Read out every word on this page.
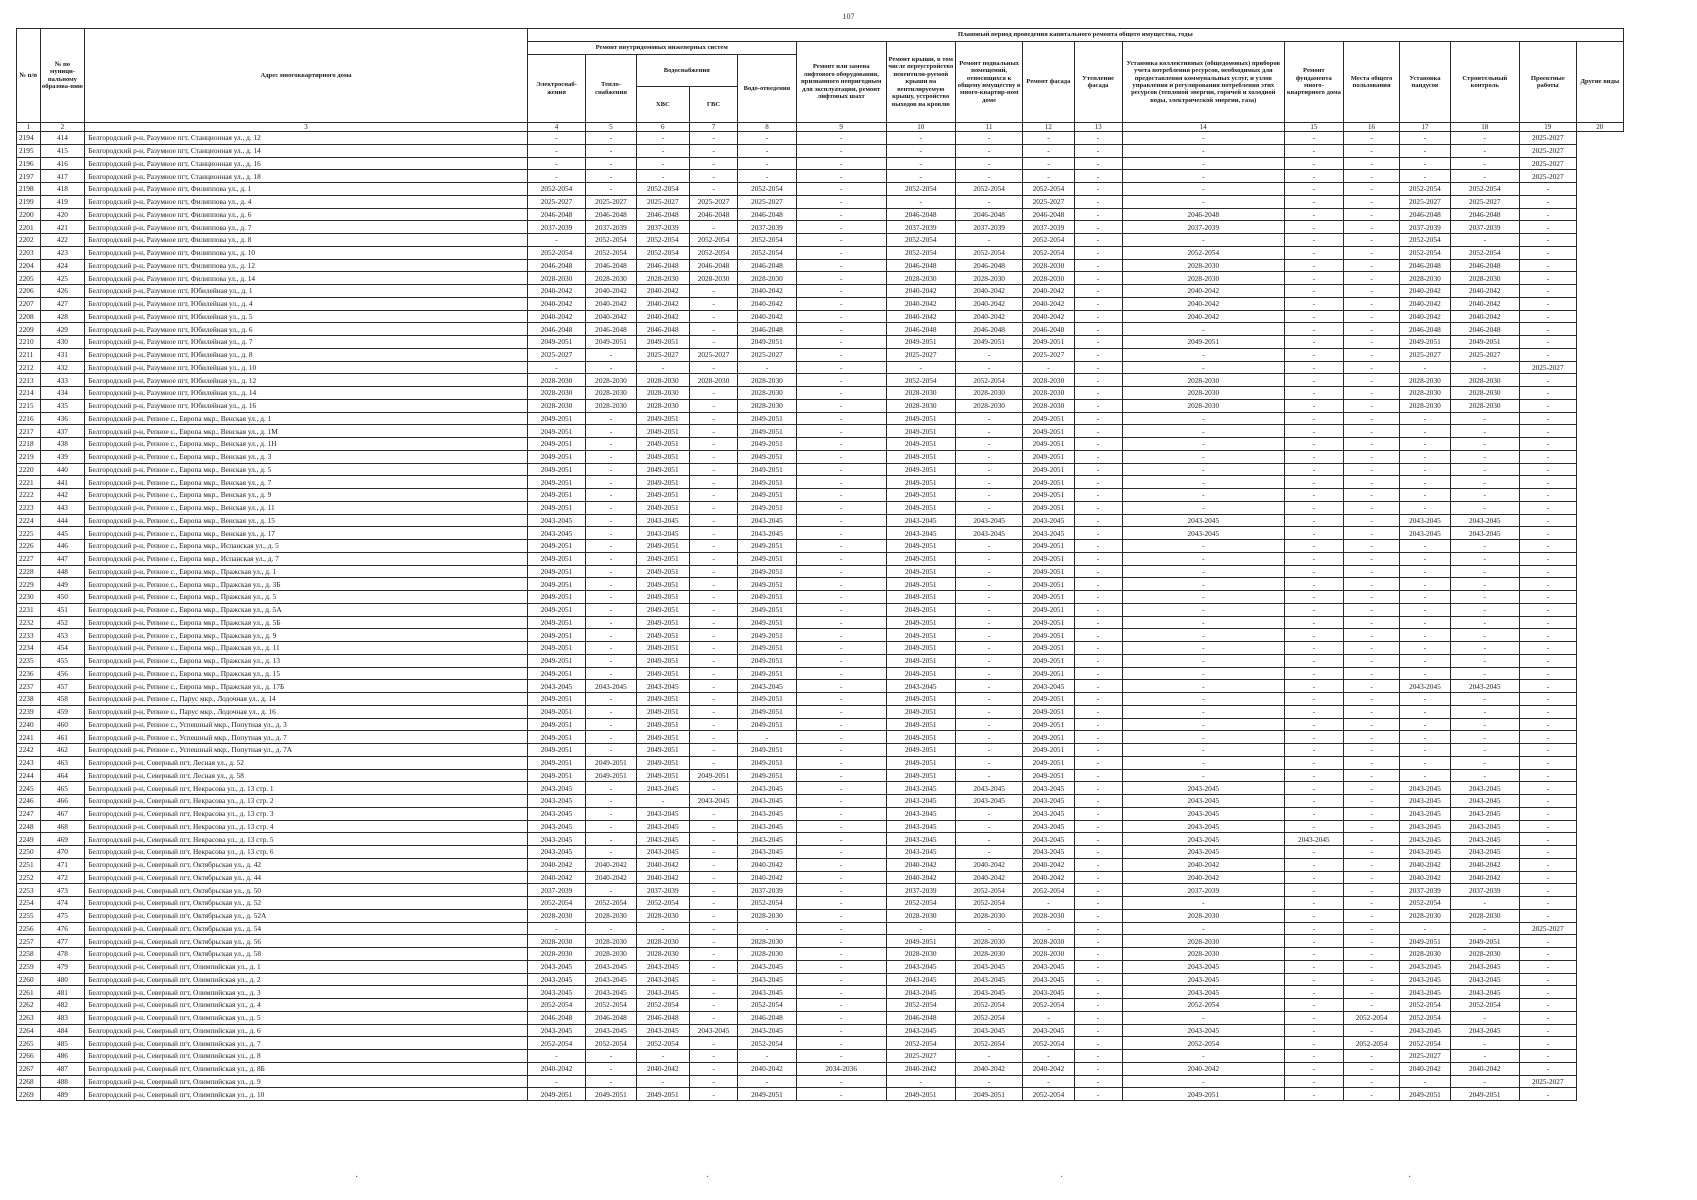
107
№ п/п	№ по муници-пальному образова-нию	Адрес многоквартирного дома	Плановый период проведения капитального ремонта общего имущества, годы																
			Ремонт внутридомовых инженерных систем					Ремонт или замена лифтового оборудования, признанного непригодным для эксплуатации, ремонт лифтовых шахт	Ремонт крыши, в том числе переустройство невентили-руемой крыши на вентилируемую крышу, устройство выходов на кровлю	Ремонт подвальных помещений, относящихся к общему имуществу в много-квартир-ном доме	Ремонт фасада	Утепление фасада	Установка коллективных (общедомовых) приборов учета потребления ресурсов, необходимых для предоставления коммунальных услуг, и узлов управления и регулирования потребления этих ресурсов (тепловой энергии, горячей и холодной воды, электрической энергии, газа)	Ремонт фундамента много-квартирного дома	Места общего пользования	Установка пандусов	Строительный контроль	Проектные работы	Другие виды
			Электроснаб-жения	Тепло-снабжения	Водоснабжения		Водо-отведения												
					ХВС	ГВС													
1	2	3	4	5	6	7	8	9	10	11	12	13	14	15	16	17	18	19	20
2194	414	Белгородский р-н, Разумное пгт, Станционная ул., д. 12	-	-	-	-	-	-	-	-	-	-	-	-	-	-	-	2025-2027	
2195	415	Белгородский р-н, Разумное пгт, Станционная ул., д. 14	-	-	-	-	-	-	-	-	-	-	-	-	-	-	-	2025-2027	
2196	416	Белгородский р-н, Разумное пгт, Станционная ул., д. 16	-	-	-	-	-	-	-	-	-	-	-	-	-	-	-	2025-2027	
2197	417	Белгородский р-н, Разумное пгт, Станционная ул., д. 18	-	-	-	-	-	-	-	-	-	-	-	-	-	-	-	2025-2027	
2198	418	Белгородский р-н, Разумное пгт, Филиппова ул., д. 1	2052-2054	-	2052-2054	-	2052-2054	-	2052-2054	2052-2054	2052-2054	-	-	-	-	2052-2054	2052-2054	-	
2199	419	Белгородский р-н, Разумное пгт, Филиппова ул., д. 4	2025-2027	2025-2027	2025-2027	2025-2027	2025-2027	-	-	-	2025-2027	-	-	-	-	2025-2027	2025-2027	-	
2200	420	Белгородский р-н, Разумное пгт, Филиппова ул., д. 6	2046-2048	2046-2048	2046-2048	2046-2048	2046-2048	-	2046-2048	2046-2048	2046-2048	-	2046-2048	-	-	2046-2048	2046-2048	-	
2201	421	Белгородский р-н, Разумное пгт, Филиппова ул., д. 7	2037-2039	2037-2039	2037-2039	-	2037-2039	-	2037-2039	2037-2039	2037-2039	-	2037-2039	-	-	2037-2039	2037-2039	-	
2202	422	Белгородский р-н, Разумное пгт, Филиппова ул., д. 8	-	2052-2054	2052-2054	2052-2054	2052-2054	-	2052-2054	-	2052-2054	-	-	-	-	2052-2054	-	-	
2203	423	Белгородский р-н, Разумное пгт, Филиппова ул., д. 10	2052-2054	2052-2054	2052-2054	2052-2054	2052-2054	-	2052-2054	2052-2054	2052-2054	-	2052-2054	-	-	2052-2054	2052-2054	-	
2204	424	Белгородский р-н, Разумное пгт, Филиппова ул., д. 12	2046-2048	2046-2048	2046-2048	2046-2048	2046-2048	-	2046-2048	2046-2048	2028-2030	-	2028-2030	-	-	2046-2048	2046-2048	-	
2205	425	Белгородский р-н, Разумное пгт, Филиппова ул., д. 14	2028-2030	2028-2030	2028-2030	2028-2030	2028-2030	-	2028-2030	2028-2030	2028-2030	-	2028-2030	-	-	2028-2030	2028-2030	-	
2206	426	Белгородский р-н, Разумное пгт, Юбилейная ул., д. 1	2040-2042	2040-2042	2040-2042	-	2040-2042	-	2040-2042	2040-2042	2040-2042	-	2040-2042	-	-	2040-2042	2040-2042	-	
2207	427	Белгородский р-н, Разумное пгт, Юбилейная ул., д. 4	2040-2042	2040-2042	2040-2042	-	2040-2042	-	2040-2042	2040-2042	2040-2042	-	2040-2042	-	-	2040-2042	2040-2042	-	
2208	428	Белгородский р-н, Разумное пгт, Юбилейная ул., д. 5	2040-2042	2040-2042	2040-2042	-	2040-2042	-	2040-2042	2040-2042	2040-2042	-	2040-2042	-	-	2040-2042	2040-2042	-	
2209	429	Белгородский р-н, Разумное пгт, Юбилейная ул., д. 6	2046-2048	2046-2048	2046-2048	-	2046-2048	-	2046-2048	2046-2048	2046-2048	-	-	-	-	2046-2048	2046-2048	-	
2210	430	Белгородский р-н, Разумное пгт, Юбилейная ул., д. 7	2049-2051	2049-2051	2049-2051	-	2049-2051	-	2049-2051	2049-2051	2049-2051	-	2049-2051	-	-	2049-2051	2049-2051	-	
2211	431	Белгородский р-н, Разумное пгт, Юбилейная ул., д. 8	2025-2027	-	2025-2027	2025-2027	2025-2027	-	2025-2027	-	2025-2027	-	-	-	-	2025-2027	2025-2027	-	
2212	432	Белгородский р-н, Разумное пгт, Юбилейная ул., д. 10	-	-	-	-	-	-	-	-	-	-	-	-	-	-	-	2025-2027	
2213	433	Белгородский р-н, Разумное пгт, Юбилейная ул., д. 12	2028-2030	2028-2030	2028-2030	2028-2030	2028-2030	-	2052-2054	2052-2054	2028-2030	-	2028-2030	-	-	2028-2030	2028-2030	-	
2214	434	Белгородский р-н, Разумное пгт, Юбилейная ул., д. 14	2028-2030	2028-2030	2028-2030	-	2028-2030	-	2028-2030	2028-2030	2028-2030	-	2028-2030	-	-	2028-2030	2028-2030	-	
2215	435	Белгородский р-н, Разумное пгт, Юбилейная ул., д. 16	2028-2030	2028-2030	2028-2030	-	2028-2030	-	2028-2030	2028-2030	2028-2030	-	2028-2030	-	-	2028-2030	2028-2030	-	
2216	436	Белгородский р-н, Репное с., Европа мкр., Венская ул., д. 1	2049-2051	-	2049-2051	-	2049-2051	-	2049-2051	-	2049-2051	-	-	-	-	-	-	-	
2217	437	Белгородский р-н, Репное с., Европа мкр., Венская ул., д. 1М	2049-2051	-	2049-2051	-	2049-2051	-	2049-2051	-	2049-2051	-	-	-	-	-	-	-	
2218	438	Белгородский р-н, Репное с., Европа мкр., Венская ул., д. 1Н	2049-2051	-	2049-2051	-	2049-2051	-	2049-2051	-	2049-2051	-	-	-	-	-	-	-	
2219	439	Белгородский р-н, Репное с., Европа мкр., Венская ул., д. 3	2049-2051	-	2049-2051	-	2049-2051	-	2049-2051	-	2049-2051	-	-	-	-	-	-	-	
2220	440	Белгородский р-н, Репное с., Европа мкр., Венская ул., д. 5	2049-2051	-	2049-2051	-	2049-2051	-	2049-2051	-	2049-2051	-	-	-	-	-	-	-	
2221	441	Белгородский р-н, Репное с., Европа мкр., Венская ул., д. 7	2049-2051	-	2049-2051	-	2049-2051	-	2049-2051	-	2049-2051	-	-	-	-	-	-	-	
2222	442	Белгородский р-н, Репное с., Европа мкр., Венская ул., д. 9	2049-2051	-	2049-2051	-	2049-2051	-	2049-2051	-	2049-2051	-	-	-	-	-	-	-	
2223	443	Белгородский р-н, Репное с., Европа мкр., Венская ул., д. 11	2049-2051	-	2049-2051	-	2049-2051	-	2049-2051	-	2049-2051	-	-	-	-	-	-	-	
2224	444	Белгородский р-н, Репное с., Европа мкр., Венская ул., д. 15	2043-2045	-	2043-2045	-	2043-2045	-	2043-2045	2043-2045	2043-2045	-	2043-2045	-	-	2043-2045	2043-2045	-	
2225	445	Белгородский р-н, Репное с., Европа мкр., Венская ул., д. 17	2043-2045	-	2043-2045	-	2043-2045	-	2043-2045	2043-2045	2043-2045	-	2043-2045	-	-	2043-2045	2043-2045	-	
2226	446	Белгородский р-н, Репное с., Европа мкр., Испанская ул., д. 5	2049-2051	-	2049-2051	-	2049-2051	-	2049-2051	-	2049-2051	-	-	-	-	-	-	-	
2227	447	Белгородский р-н, Репное с., Европа мкр., Испанская ул., д. 7	2049-2051	-	2049-2051	-	2049-2051	-	2049-2051	-	2049-2051	-	-	-	-	-	-	-	
2228	448	Белгородский р-н, Репное с., Европа мкр., Пражская ул., д. 1	2049-2051	-	2049-2051	-	2049-2051	-	2049-2051	-	2049-2051	-	-	-	-	-	-	-	
2229	449	Белгородский р-н, Репное с., Европа мкр., Пражская ул., д. 3Б	2049-2051	-	2049-2051	-	2049-2051	-	2049-2051	-	2049-2051	-	-	-	-	-	-	-	
2230	450	Белгородский р-н, Репное с., Европа мкр., Пражская ул., д. 5	2049-2051	-	2049-2051	-	2049-2051	-	2049-2051	-	2049-2051	-	-	-	-	-	-	-	
2231	451	Белгородский р-н, Репное с., Европа мкр., Пражская ул., д. 5А	2049-2051	-	2049-2051	-	2049-2051	-	2049-2051	-	2049-2051	-	-	-	-	-	-	-	
2232	452	Белгородский р-н, Репное с., Европа мкр., Пражская ул., д. 5Б	2049-2051	-	2049-2051	-	2049-2051	-	2049-2051	-	2049-2051	-	-	-	-	-	-	-	
2233	453	Белгородский р-н, Репное с., Европа мкр., Пражская ул., д. 9	2049-2051	-	2049-2051	-	2049-2051	-	2049-2051	-	2049-2051	-	-	-	-	-	-	-	
2234	454	Белгородский р-н, Репное с., Европа мкр., Пражская ул., д. 11	2049-2051	-	2049-2051	-	2049-2051	-	2049-2051	-	2049-2051	-	-	-	-	-	-	-	
2235	455	Белгородский р-н, Репное с., Европа мкр., Пражская ул., д. 13	2049-2051	-	2049-2051	-	2049-2051	-	2049-2051	-	2049-2051	-	-	-	-	-	-	-	
2236	456	Белгородский р-н, Репное с., Европа мкр., Пражская ул., д. 15	2049-2051	-	2049-2051	-	2049-2051	-	2049-2051	-	2049-2051	-	-	-	-	-	-	-	
2237	457	Белгородский р-н, Репное с., Европа мкр., Пражская ул., д. 17Б	2043-2045	2043-2045	2043-2045	-	2043-2045	-	2043-2045	-	2043-2045	-	-	-	-	2043-2045	2043-2045	-	
2238	458	Белгородский р-н, Репное с., Парус мкр., Лодочная ул., д. 14	2049-2051	-	2049-2051	-	2049-2051	-	2049-2051	-	2049-2051	-	-	-	-	-	-	-	
2239	459	Белгородский р-н, Репное с., Парус мкр., Лодочная ул., д. 16	2049-2051	-	2049-2051	-	2049-2051	-	2049-2051	-	2049-2051	-	-	-	-	-	-	-	
2240	460	Белгородский р-н, Репное с., Успешный мкр., Попутная ул., д. 3	2049-2051	-	2049-2051	-	2049-2051	-	2049-2051	-	2049-2051	-	-	-	-	-	-	-	
2241	461	Белгородский р-н, Репное с., Успешный мкр., Попутная ул., д. 7	2049-2051	-	2049-2051	-	-	-	2049-2051	-	2049-2051	-	-	-	-	-	-	-	
2242	462	Белгородский р-н, Репное с., Успешный мкр., Попутная ул., д. 7А	2049-2051	-	2049-2051	-	2049-2051	-	2049-2051	-	2049-2051	-	-	-	-	-	-	-	
2243	463	Белгородский р-н, Северный пгт, Лесная ул., д. 52	2049-2051	2049-2051	2049-2051	-	2049-2051	-	2049-2051	-	2049-2051	-	-	-	-	-	-	-	
2244	464	Белгородский р-н, Северный пгт, Лесная ул., д. 58	2049-2051	2049-2051	2049-2051	2049-2051	2049-2051	-	2049-2051	-	2049-2051	-	-	-	-	-	-	-	
2245	465	Белгородский р-н, Северный пгт, Некрасова ул., д. 13 стр. 1	2043-2045	-	2043-2045	-	2043-2045	-	2043-2045	2043-2045	2043-2045	-	2043-2045	-	-	2043-2045	2043-2045	-	
2246	466	Белгородский р-н, Северный пгт, Некрасова ул., д. 13 стр. 2	2043-2045	-	-	2043-2045	2043-2045	-	2043-2045	2043-2045	2043-2045	-	2043-2045	-	-	2043-2045	2043-2045	-	
2247	467	Белгородский р-н, Северный пгт, Некрасова ул., д. 13 стр. 3	2043-2045	-	2043-2045	-	2043-2045	-	2043-2045	-	2043-2045	-	2043-2045	-	-	2043-2045	2043-2045	-	
2248	468	Белгородский р-н, Северный пгт, Некрасова ул., д. 13 стр. 4	2043-2045	-	2043-2045	-	2043-2045	-	2043-2045	-	2043-2045	-	2043-2045	-	-	2043-2045	2043-2045	-	
2249	469	Белгородский р-н, Северный пгт, Некрасова ул., д. 13 стр. 5	2043-2045	-	2043-2045	-	2043-2045	-	2043-2045	-	2043-2045	-	2043-2045	2043-2045	-	2043-2045	2043-2045	-	
2250	470	Белгородский р-н, Северный пгт, Некрасова ул., д. 13 стр. 6	2043-2045	-	2043-2045	-	2043-2045	-	2043-2045	-	2043-2045	-	2043-2045	-	-	2043-2045	2043-2045	-	
2251	471	Белгородский р-н, Северный пгт, Октябрьская ул., д. 42	2040-2042	2040-2042	2040-2042	-	2040-2042	-	2040-2042	2040-2042	2040-2042	-	2040-2042	-	-	2040-2042	2040-2042	-	
2252	472	Белгородский р-н, Северный пгт, Октябрьская ул., д. 44	2040-2042	2040-2042	2040-2042	-	2040-2042	-	2040-2042	2040-2042	2040-2042	-	2040-2042	-	-	2040-2042	2040-2042	-	
2253	473	Белгородский р-н, Северный пгт, Октябрьская ул., д. 50	2037-2039	-	2037-2039	-	2037-2039	-	2037-2039	2052-2054	2052-2054	-	2037-2039	-	-	2037-2039	2037-2039	-	
2254	474	Белгородский р-н, Северный пгт, Октябрьская ул., д. 52	2052-2054	2052-2054	2052-2054	-	2052-2054	-	2052-2054	2052-2054	-	-	-	-	-	2052-2054	-	-	
2255	475	Белгородский р-н, Северный пгт, Октябрьская ул., д. 52А	2028-2030	2028-2030	2028-2030	-	2028-2030	-	2028-2030	2028-2030	2028-2030	-	2028-2030	-	-	2028-2030	2028-2030	-	
2256	476	Белгородский р-н, Северный пгт, Октябрьская ул., д. 54	-	-	-	-	-	-	-	-	-	-	-	-	-	-	-	2025-2027	
2257	477	Белгородский р-н, Северный пгт, Октябрьская ул., д. 56	2028-2030	2028-2030	2028-2030	-	2028-2030	-	2049-2051	2028-2030	2028-2030	-	2028-2030	-	-	2049-2051	2049-2051	-	
2258	478	Белгородский р-н, Северный пгт, Октябрьская ул., д. 58	2028-2030	2028-2030	2028-2030	-	2028-2030	-	2028-2030	2028-2030	2028-2030	-	2028-2030	-	-	2028-2030	2028-2030	-	
2259	479	Белгородский р-н, Северный пгт, Олимпийская ул., д. 1	2043-2045	2043-2045	2043-2045	-	2043-2045	-	2043-2045	2043-2045	2043-2045	-	2043-2045	-	-	2043-2045	2043-2045	-	
2260	480	Белгородский р-н, Северный пгт, Олимпийская ул., д. 2	2043-2045	2043-2045	2043-2045	-	2043-2045	-	2043-2045	2043-2045	2043-2045	-	2043-2045	-	-	2043-2045	2043-2045	-	
2261	481	Белгородский р-н, Северный пгт, Олимпийская ул., д. 3	2043-2045	2043-2045	2043-2045	-	2043-2045	-	2043-2045	2043-2045	2043-2045	-	2043-2045	-	-	2043-2045	2043-2045	-	
2262	482	Белгородский р-н, Северный пгт, Олимпийская ул., д. 4	2052-2054	2052-2054	2052-2054	-	2052-2054	-	2052-2054	2052-2054	2052-2054	-	2052-2054	-	-	2052-2054	2052-2054	-	
2263	483	Белгородский р-н, Северный пгт, Олимпийская ул., д. 5	2046-2048	2046-2048	2046-2048	-	2046-2048	-	2046-2048	2052-2054	-	-	-	-	2052-2054	2052-2054	-	-	
2264	484	Белгородский р-н, Северный пгт, Олимпийская ул., д. 6	2043-2045	2043-2045	2043-2045	2043-2045	2043-2045	-	2043-2045	2043-2045	2043-2045	-	2043-2045	-	-	2043-2045	2043-2045	-	
2265	485	Белгородский р-н, Северный пгт, Олимпийская ул., д. 7	2052-2054	2052-2054	2052-2054	-	2052-2054	-	2052-2054	2052-2054	2052-2054	-	2052-2054	-	2052-2054	2052-2054	-	-	
2266	486	Белгородский р-н, Северный пгт, Олимпийская ул., д. 8	-	-	-	-	-	-	2025-2027	-	-	-	-	-	-	2025-2027	-	-	
2267	487	Белгородский р-н, Северный пгт, Олимпийская ул., д. 8Б	2040-2042	-	2040-2042	-	2040-2042	2034-2036	2040-2042	2040-2042	2040-2042	-	2040-2042	-	-	2040-2042	2040-2042	-	
2268	488	Белгородский р-н, Северный пгт, Олимпийская ул., д. 9	-	-	-	-	-	-	-	-	-	-	-	-	-	-	-	2025-2027	
2269	489	Белгородский р-н, Северный пгт, Олимпийская ул., д. 10	2049-2051	2049-2051	2049-2051	-	2049-2051	-	2049-2051	2049-2051	2052-2054	-	2049-2051	-	-	2049-2051	2049-2051	-	
·	·	·	·
